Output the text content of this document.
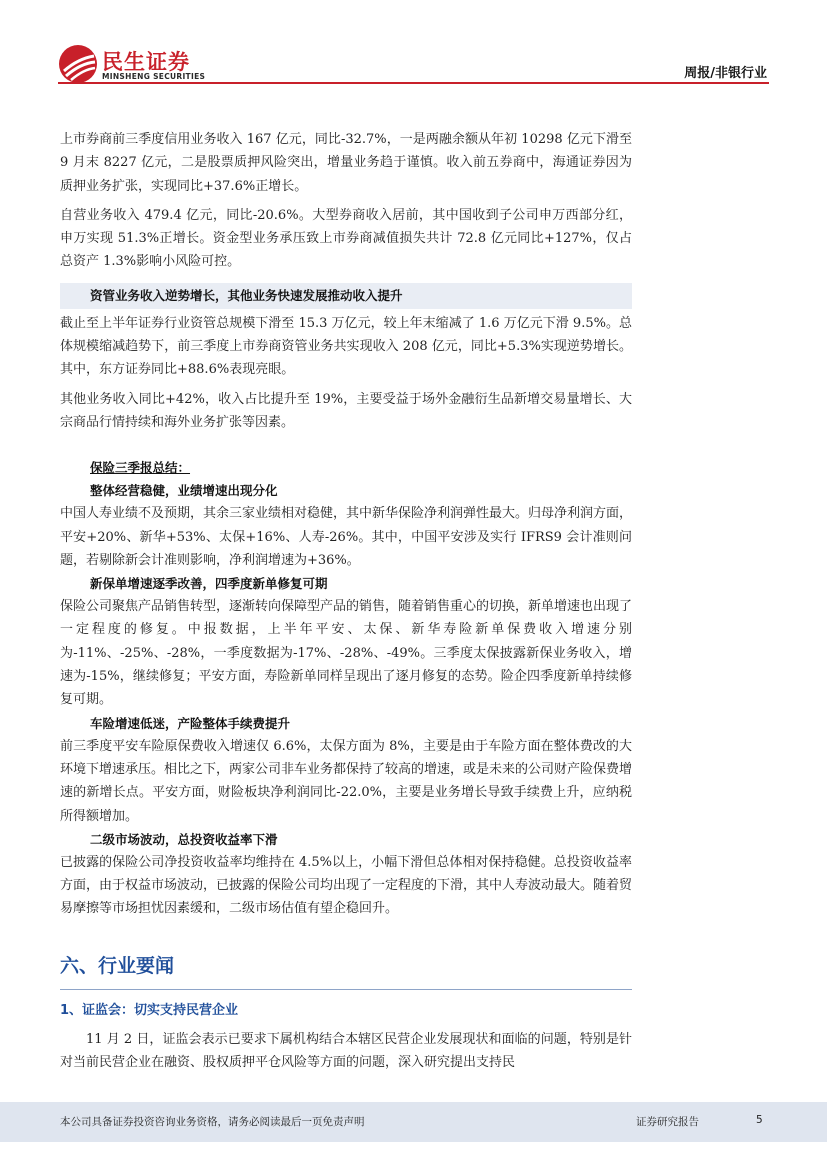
民生证券
MINSHENG SECURITIES	周报/非银行业

上市券商前三季度信用业务收入 167 亿元，同比-32.7%，一是两融余额从年初 10298 亿元下滑至 9 月末 8227 亿元，二是股票质押风险突出，增量业务趋于谨慎。收入前五券商中，海通证券因为质押业务扩张，实现同比+37.6%正增长。

自营业务收入 479.4 亿元，同比-20.6%。大型券商收入居前，其中国收到子公司申万西部分红，申万实现 51.3%正增长。资金型业务承压致上市券商减值损失共计 72.8 亿元同比+127%，仅占总资产 1.3%影响小风险可控。

资管业务收入逆势增长，其他业务快速发展推动收入提升

截止至上半年证券行业资管总规模下滑至 15.3 万亿元，较上年末缩减了 1.6 万亿元下滑 9.5%。总体规模缩减趋势下，前三季度上市券商资管业务共实现收入 208 亿元，同比+5.3%实现逆势增长。其中，东方证券同比+88.6%表现亮眼。

其他业务收入同比+42%，收入占比提升至 19%，主要受益于场外金融衍生品新增交易量增长、大宗商品行情持续和海外业务扩张等因素。

保险三季报总结：

整体经营稳健，业绩增速出现分化

中国人寿业绩不及预期，其余三家业绩相对稳健，其中新华保险净利润弹性最大。归母净利润方面，平安+20%、新华+53%、太保+16%、人寿-26%。其中，中国平安涉及实行 IFRS9 会计准则问题，若剔除新会计准则影响，净利润增速为+36%。

新保单增速逐季改善，四季度新单修复可期

保险公司聚焦产品销售转型，逐渐转向保障型产品的销售，随着销售重心的切换，新单增速也出现了一定程度的修复。中报数据，上半年平安、太保、新华寿险新单保费收入增速分别为-11%、-25%、-28%，一季度数据为-17%、-28%、-49%。三季度太保披露新保业务收入，增速为-15%，继续修复；平安方面，寿险新单同样呈现出了逐月修复的态势。险企四季度新单持续修复可期。

车险增速低迷，产险整体手续费提升

前三季度平安车险原保费收入增速仅 6.6%，太保方面为 8%，主要是由于车险方面在整体费改的大环境下增速承压。相比之下，两家公司非车业务都保持了较高的增速，或是未来的公司财产险保费增速的新增长点。平安方面，财险板块净利润同比-22.0%，主要是业务增长导致手续费上升，应纳税所得额增加。

二级市场波动，总投资收益率下滑

已披露的保险公司净投资收益率均维持在 4.5%以上，小幅下滑但总体相对保持稳健。总投资收益率方面，由于权益市场波动，已披露的保险公司均出现了一定程度的下滑，其中人寿波动最大。随着贸易摩擦等市场担忧因素缓和，二级市场估值有望企稳回升。

六、行业要闻

1、证监会：切实支持民营企业

11 月 2 日，证监会表示已要求下属机构结合本辖区民营企业发展现状和面临的问题，特别是针对当前民营企业在融资、股权质押平仓风险等方面的问题，深入研究提出支持民

本公司具备证券投资咨询业务资格，请务必阅读最后一页免责声明	证券研究报告	5
